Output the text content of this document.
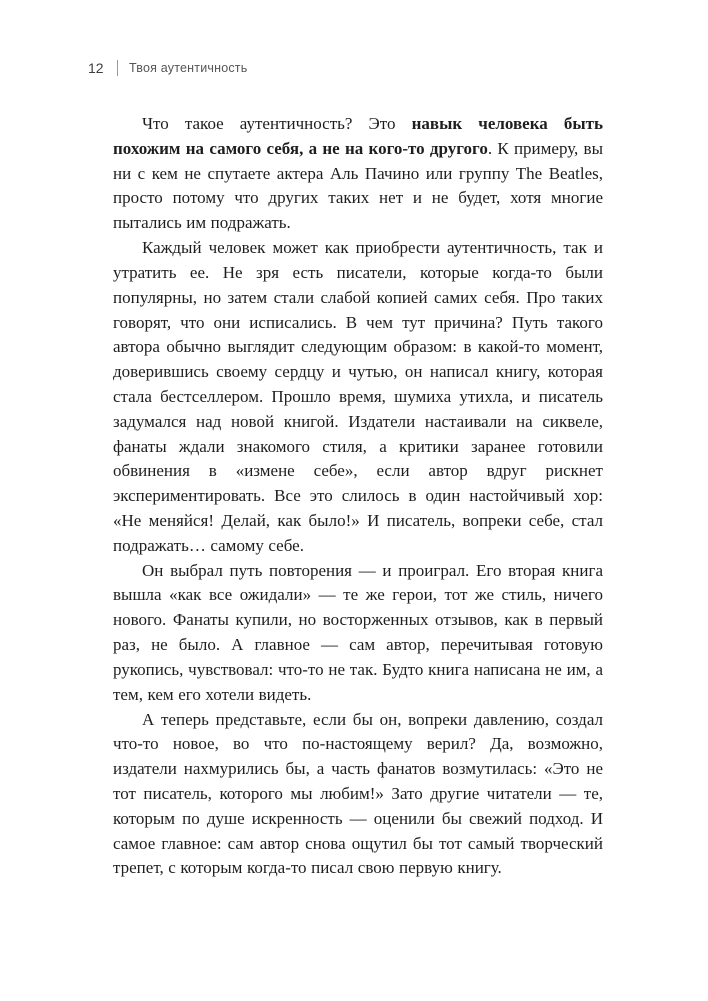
12	Твоя аутентичность

Что такое аутентичность? Это навык человека быть похожим на самого себя, а не на кого-то другого. К примеру, вы ни с кем не спутаете актера Аль Пачино или группу The Beatles, просто потому что других таких нет и не будет, хотя многие пытались им подражать.

Каждый человек может как приобрести аутентичность, так и утратить ее. Не зря есть писатели, которые когда-то были популярны, но затем стали слабой копией самих себя. Про таких говорят, что они исписались. В чем тут причина? Путь такого автора обычно выглядит следующим образом: в какой-то момент, доверившись своему сердцу и чутью, он написал книгу, которая стала бестселлером. Прошло время, шумиха утихла, и писатель задумался над новой книгой. Издатели настаивали на сиквеле, фанаты ждали знакомого стиля, а критики заранее готовили обвинения в «измене себе», если автор вдруг рискнет экспериментировать. Все это слилось в один настойчивый хор: «Не меняйся! Делай, как было!» И писатель, вопреки себе, стал подражать… самому себе.

Он выбрал путь повторения — и проиграл. Его вторая книга вышла «как все ожидали» — те же герои, тот же стиль, ничего нового. Фанаты купили, но восторженных отзывов, как в первый раз, не было. А главное — сам автор, перечитывая готовую рукопись, чувствовал: что-то не так. Будто книга написана не им, а тем, кем его хотели видеть.

А теперь представьте, если бы он, вопреки давлению, создал что-то новое, во что по-настоящему верил? Да, возможно, издатели нахмурились бы, а часть фанатов возмутилась: «Это не тот писатель, которого мы любим!» Зато другие читатели — те, которым по душе искренность — оценили бы свежий подход. И самое главное: сам автор снова ощутил бы тот самый творческий трепет, с которым когда-то писал свою первую книгу.
